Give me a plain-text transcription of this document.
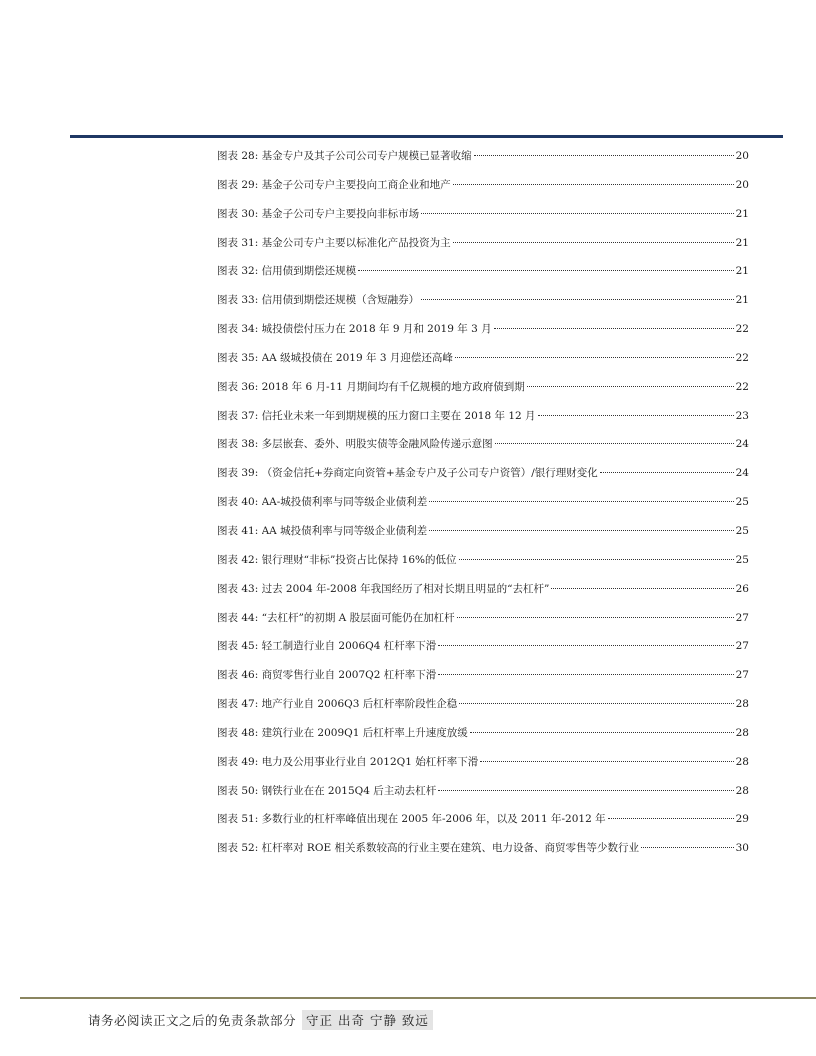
图表 28:
基金专户及其子公司公司专户规模已显著收缩	20
图表 29:
基金子公司专户主要投向工商企业和地产	20
图表 30:
基金子公司专户主要投向非标市场	21
图表 31:
基金公司专户主要以标准化产品投资为主	21
图表 32:
信用债到期偿还规模	21
图表 33:
信用债到期偿还规模（含短融券）	21
图表 34:
城投债偿付压力在 2018 年 9 月和 2019 年 3 月	22
图表 35:
AA 级城投债在 2019 年 3 月迎偿还高峰	22
图表 36:
2018 年 6 月-11 月期间均有千亿规模的地方政府债到期	22
图表 37:
信托业未来一年到期规模的压力窗口主要在 2018 年 12 月	23
图表 38:
多层嵌套、委外、明股实债等金融风险传递示意图	24
图表 39:
（资金信托+券商定向资管+基金专户及子公司专户资管）/银行理财变化	24
图表 40:
AA-城投债利率与同等级企业债利差	25
图表 41:
AA 城投债利率与同等级企业债利差	25
图表 42:
银行理财“非标”投资占比保持 16%的低位	25
图表 43:
过去 2004 年-2008 年我国经历了相对长期且明显的“去杠杆”	26
图表 44:
“去杠杆”的初期 A 股层面可能仍在加杠杆	27
图表 45:
轻工制造行业自 2006Q4 杠杆率下滑	27
图表 46:
商贸零售行业自 2007Q2 杠杆率下滑	27
图表 47:
地产行业自 2006Q3 后杠杆率阶段性企稳	28
图表 48:
建筑行业在 2009Q1 后杠杆率上升速度放缓	28
图表 49:
电力及公用事业行业自 2012Q1 始杠杆率下滑	28
图表 50:
钢铁行业在在 2015Q4 后主动去杠杆	28
图表 51:
多数行业的杠杆率峰值出现在 2005 年-2006 年，以及 2011 年-2012 年	29
图表 52:
杠杆率对 ROE 相关系数较高的行业主要在建筑、电力设备、商贸零售等少数行业	30
请务必阅读正文之后的免责条款部分 守正 出奇 宁静 致远
